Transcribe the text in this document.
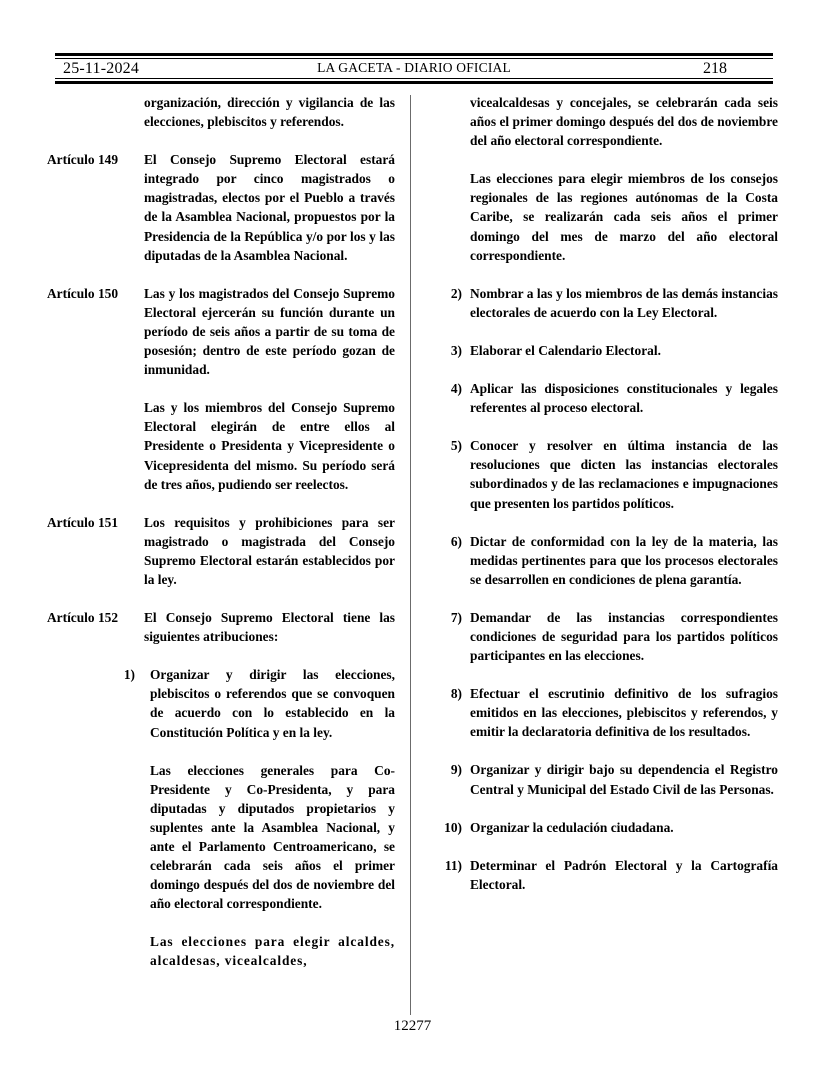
25-11-2024	LA GACETA - DIARIO OFICIAL	218
organización, dirección y vigilancia de las elecciones, plebiscitos y referendos.
Artículo 149	El Consejo Supremo Electoral estará integrado por cinco magistrados o magistradas, electos por el Pueblo a través de la Asamblea Nacional, propuestos por la Presidencia de la República y/o por los y las diputadas de la Asamblea Nacional.
Artículo 150	Las y los magistrados del Consejo Supremo Electoral ejercerán su función durante un período de seis años a partir de su toma de posesión; dentro de este período gozan de inmunidad.
Las y los miembros del Consejo Supremo Electoral elegirán de entre ellos al Presidente o Presidenta y Vicepresidente o Vicepresidenta del mismo. Su período será de tres años, pudiendo ser reelectos.
Artículo 151	Los requisitos y prohibiciones para ser magistrado o magistrada del Consejo Supremo Electoral estarán establecidos por la ley.
Artículo 152	El Consejo Supremo Electoral tiene las siguientes atribuciones:
1) Organizar y dirigir las elecciones, plebiscitos o referendos que se convoquen de acuerdo con lo establecido en la Constitución Política y en la ley.
Las elecciones generales para Co-Presidente y Co-Presidenta, y para diputadas y diputados propietarios y suplentes ante la Asamblea Nacional, y ante el Parlamento Centroamericano, se celebrarán cada seis años el primer domingo después del dos de noviembre del año electoral correspondiente.
Las elecciones para elegir alcaldes, alcaldesas, vicealcaldes,
vicealcaldesas y concejales, se celebrarán cada seis años el primer domingo después del dos de noviembre del año electoral correspondiente.
Las elecciones para elegir miembros de los consejos regionales de las regiones autónomas de la Costa Caribe, se realizarán cada seis años el primer domingo del mes de marzo del año electoral correspondiente.
2) Nombrar a las y los miembros de las demás instancias electorales de acuerdo con la Ley Electoral.
3) Elaborar el Calendario Electoral.
4) Aplicar las disposiciones constitucionales y legales referentes al proceso electoral.
5) Conocer y resolver en última instancia de las resoluciones que dicten las instancias electorales subordinados y de las reclamaciones e impugnaciones que presenten los partidos políticos.
6) Dictar de conformidad con la ley de la materia, las medidas pertinentes para que los procesos electorales se desarrollen en condiciones de plena garantía.
7) Demandar de las instancias correspondientes condiciones de seguridad para los partidos políticos participantes en las elecciones.
8) Efectuar el escrutinio definitivo de los sufragios emitidos en las elecciones, plebiscitos y referendos, y emitir la declaratoria definitiva de los resultados.
9) Organizar y dirigir bajo su dependencia el Registro Central y Municipal del Estado Civil de las Personas.
10) Organizar la cedulación ciudadana.
11) Determinar el Padrón Electoral y la Cartografía Electoral.
12277
